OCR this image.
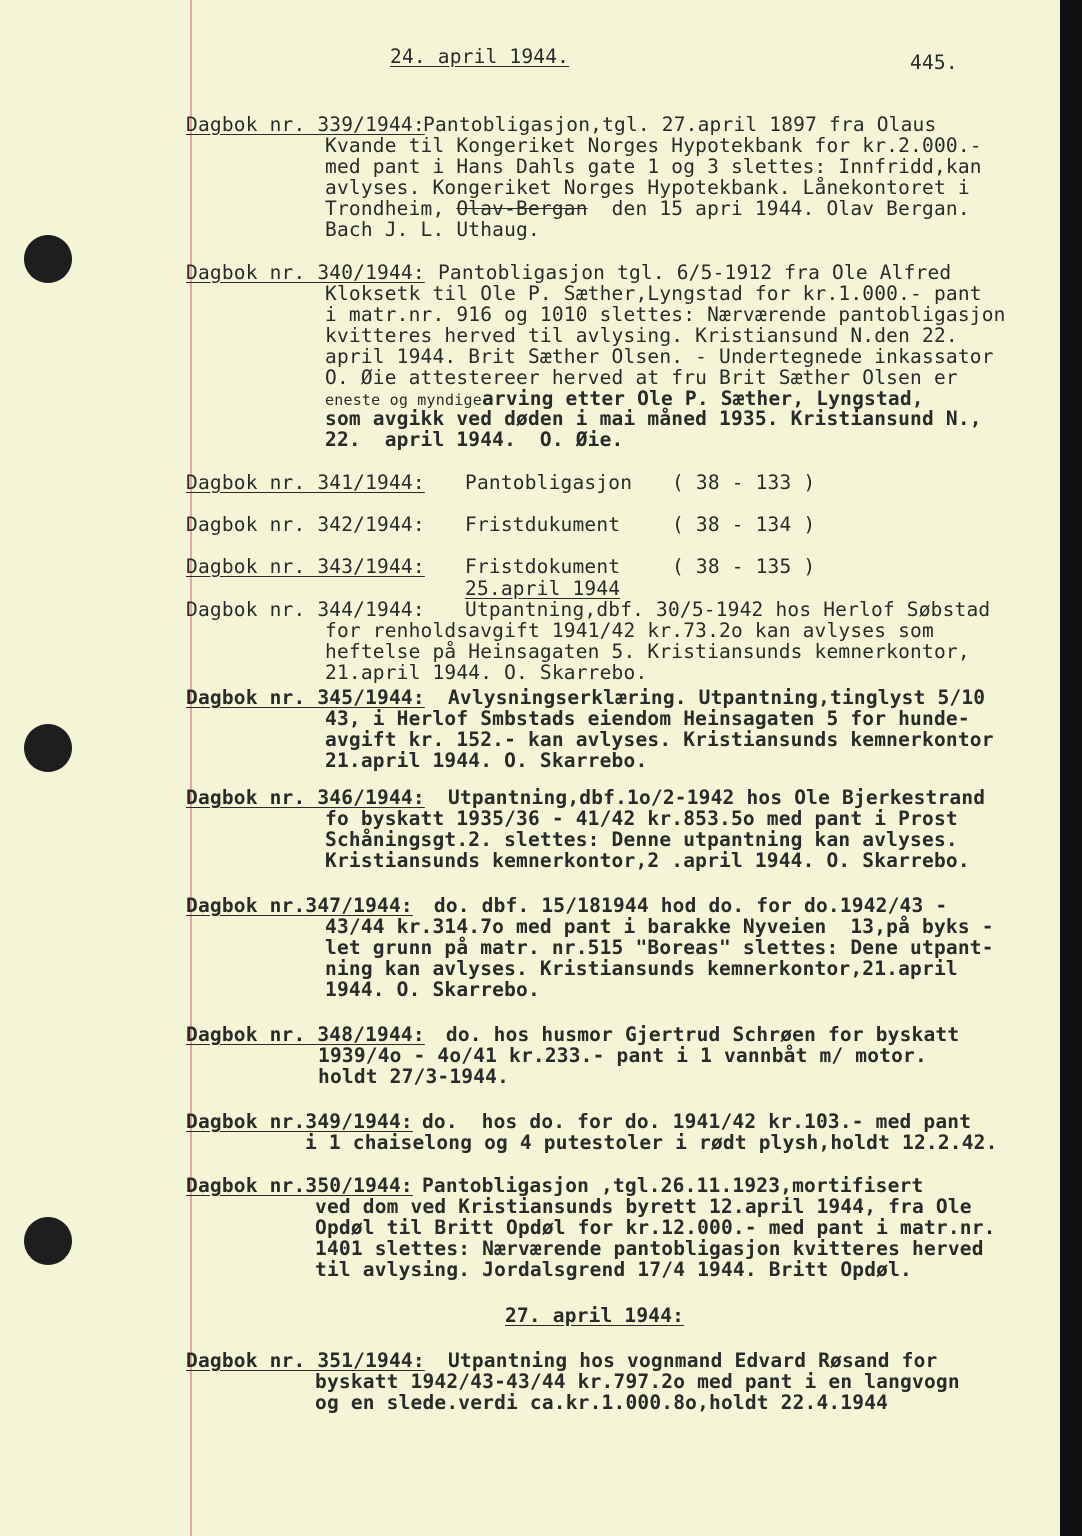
445.
24. april 1944.
Dagbok nr. 339/1944:
Pantobligasjon,tgl. 27.april 1897 fra Olaus
Kvande til Kongeriket Norges Hypotekbank for kr.2.000.-
med pant i Hans Dahls gate 1 og 3 slettes: Innfridd,kan
avlyses. Kongeriket Norges Hypotekbank. Lånekontoret i
Trondheim, Olav-Bergan  den 15 apri 1944. Olav Bergan.
Bach J. L. Uthaug.
Dagbok nr. 340/1944: Pantobligasjon tgl. 6/5-1912 fra Ole Alfred
Kloksetk til Ole P. Sæther,Lyngstad for kr.1.000.- pant
i matr.nr. 916 og 1010 slettes: Nærværende pantobligasjon
kvitteres herved til avlysing. Kristiansund N.den 22.
april 1944. Brit Sæther Olsen. - Undertegnede inkassator
O. Øie attestereer herved at fru Brit Sæther Olsen er
eneste og myndigearving etter Ole P. Sæther, Lyngstad,
som avgikk ved døden i mai måned 1935. Kristiansund N.,
22.  april 1944.  O. Øie.
Dagbok nr. 341/1944: Pantobligasjon ( 38 - 133 )
Dagbok nr. 342/1944: Fristdukument	( 38 - 134 )
Dagbok nr. 343/1944: Fristdokument	( 38 - 135 )
25.april 1944
Dagbok nr. 344/1944: Utpantning,dbf. 30/5-1942 hos Herlof Søbstad
for renholdsavgift 1941/42 kr.73.2o kan avlyses som
heftelse på Heinsagaten 5. Kristiansunds kemnerkontor,
21.april 1944. O. Skarrebo.
Dagbok nr. 345/1944: Avlysningserklæring. Utpantning,tinglyst 5/10
43, i Herlof Smbstads eiendom Heinsagaten 5 for hunde-
avgift kr. 152.- kan avlyses. Kristiansunds kemnerkontor
21.april 1944. O. Skarrebo.
Dagbok nr. 346/1944: Utpantning,dbf.1o/2-1942 hos Ole Bjerkestrand
fo byskatt 1935/36 - 41/42 kr.853.5o med pant i Prost
Schåningsgt.2. slettes: Denne utpantning kan avlyses.
Kristiansunds kemnerkontor,2 .april 1944. O. Skarrebo.
Dagbok nr.347/1944:
do. dbf. 15/181944 hod do. for do.1942/43 -
43/44 kr.314.7o med pant i barakke Nyveien  13,på byks -
let grunn på matr. nr.515 "Boreas" slettes: Dene utpant-
ning kan avlyses. Kristiansunds kemnerkontor,21.april
1944. O. Skarrebo.
Dagbok nr. 348/1944:
do. hos husmor Gjertrud Schrøen for byskatt
1939/4o - 4o/41 kr.233.- pant i 1 vannbåt m/ motor.
holdt 27/3-1944.
Dagbok nr.349/1944:
do.  hos do. for do. 1941/42 kr.103.- med pant
i 1 chaiselong og 4 putestoler i rødt plysh,holdt 12.2.42.
Dagbok nr.350/1944:
Pantobligasjon ,tgl.26.11.1923,mortifisert
ved dom ved Kristiansunds byrett 12.april 1944, fra Ole
Opdøl til Britt Opdøl for kr.12.000.- med pant i matr.nr.
1401 slettes: Nærværende pantobligasjon kvitteres herved
til avlysing. Jordalsgrend 17/4 1944. Britt Opdøl.
27. april 1944:
Dagbok nr. 351/1944: Utpantning hos vognmand Edvard Røsand for
byskatt 1942/43-43/44 kr.797.2o med pant i en langvogn
og en slede.verdi ca.kr.1.000.8o,holdt 22.4.1944
